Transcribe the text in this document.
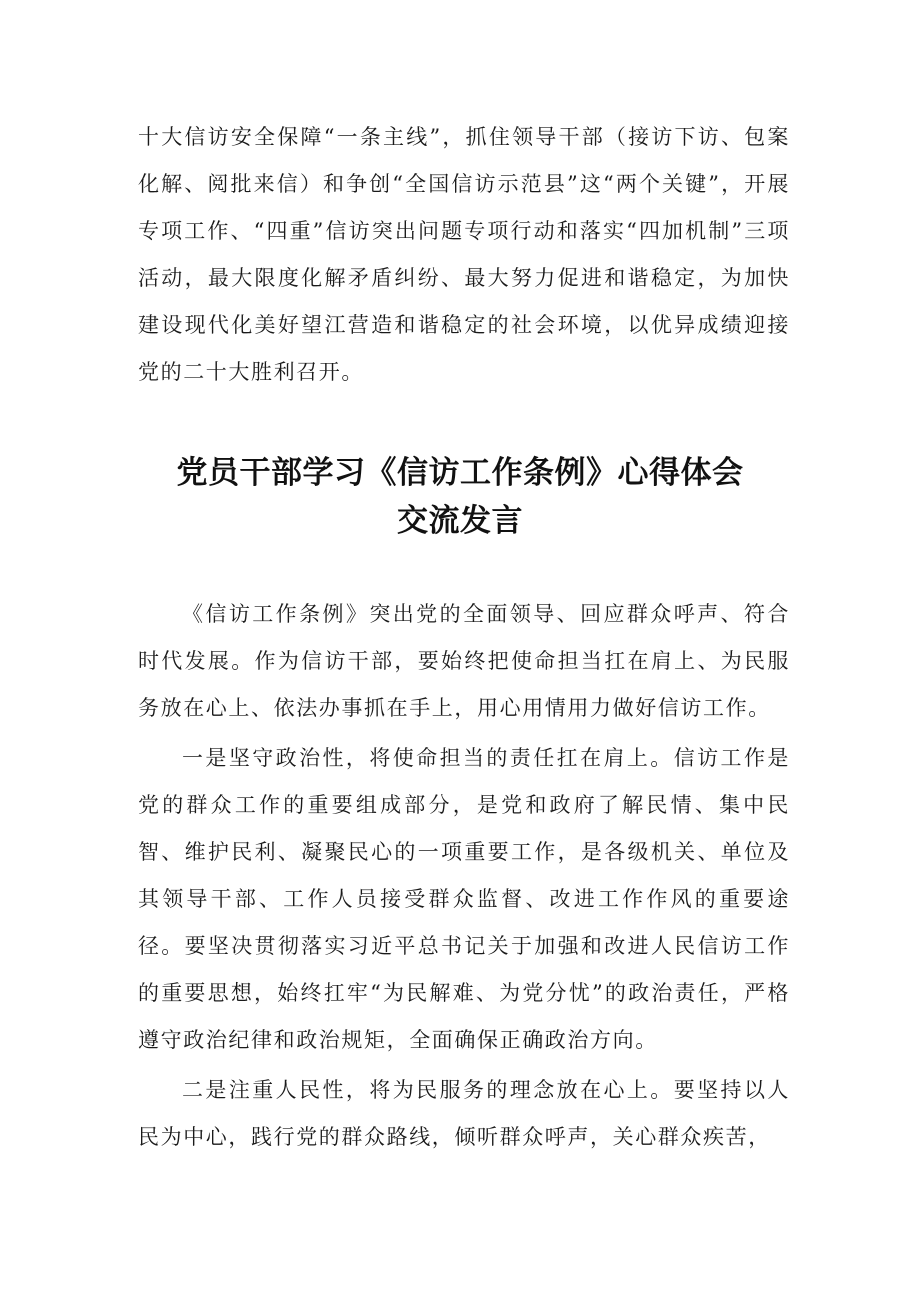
十大信访安全保障“一条主线”，抓住领导干部（接访下访、包案化解、阅批来信）和争创“全国信访示范县”这“两个关键”，开展专项工作、“四重”信访突出问题专项行动和落实“四加机制”三项活动，最大限度化解矛盾纠纷、最大努力促进和谐稳定，为加快建设现代化美好望江营造和谐稳定的社会环境，以优异成绩迎接党的二十大胜利召开。

党员干部学习《信访工作条例》心得体会
交流发言

《信访工作条例》突出党的全面领导、回应群众呼声、符合时代发展。作为信访干部，要始终把使命担当扛在肩上、为民服务放在心上、依法办事抓在手上，用心用情用力做好信访工作。

一是坚守政治性，将使命担当的责任扛在肩上。信访工作是党的群众工作的重要组成部分，是党和政府了解民情、集中民智、维护民利、凝聚民心的一项重要工作，是各级机关、单位及其领导干部、工作人员接受群众监督、改进工作作风的重要途径。要坚决贯彻落实习近平总书记关于加强和改进人民信访工作的重要思想，始终扛牢“为民解难、为党分忧”的政治责任，严格遵守政治纪律和政治规矩，全面确保正确政治方向。

二是注重人民性，将为民服务的理念放在心上。要坚持以人民为中心，践行党的群众路线，倾听群众呼声，关心群众疾苦，
